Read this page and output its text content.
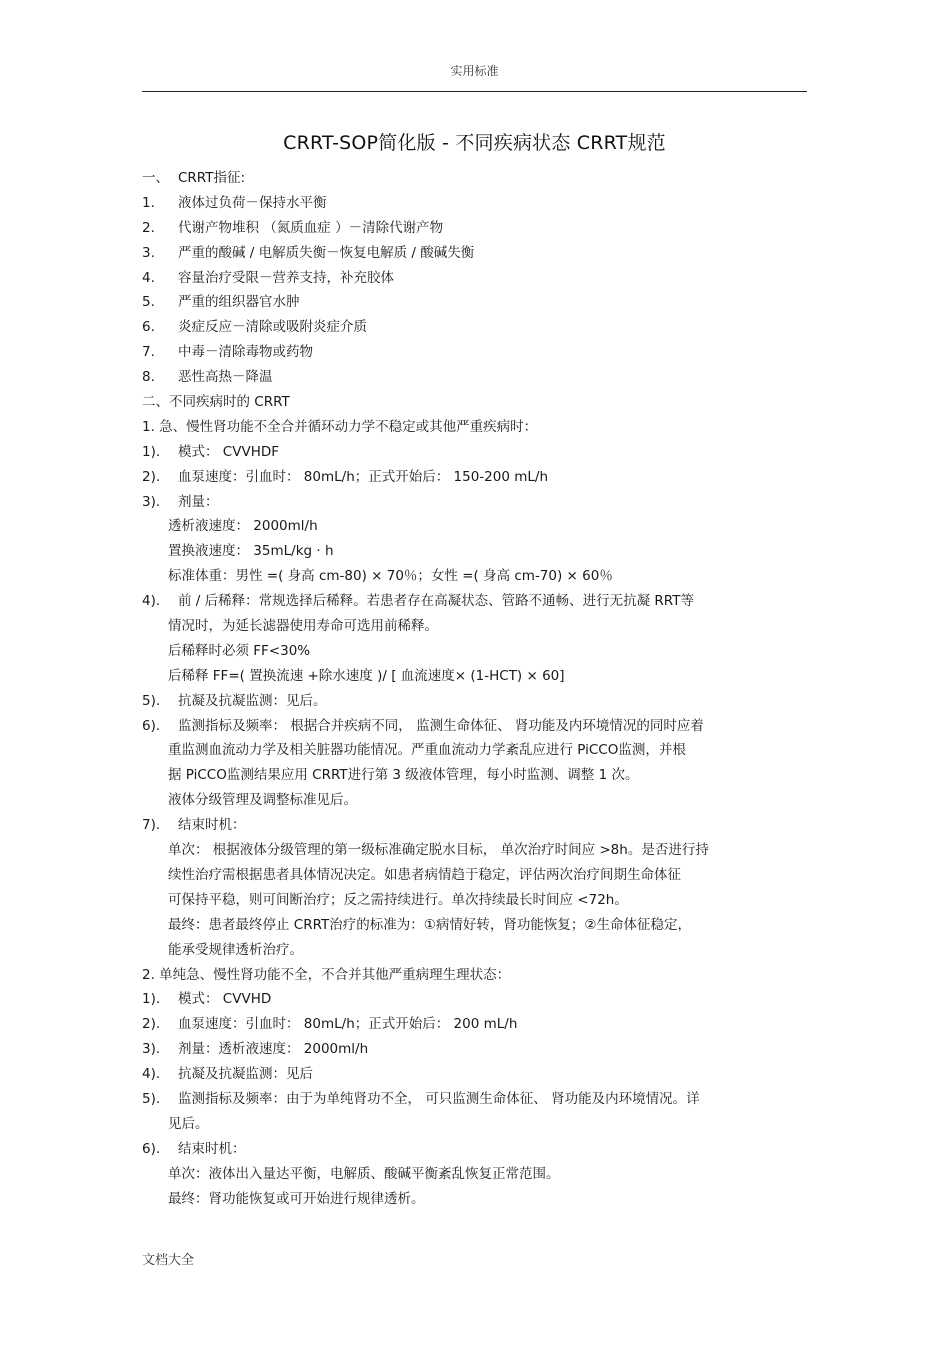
实用标准
CRRT-SOP简化版 - 不同疾病状态 CRRT规范
一、 CRRT指征:
1. 液体过负荷－保持水平衡
2. 代谢产物堆积 （氮质血症 ）－清除代谢产物
3. 严重的酸碱 / 电解质失衡－恢复电解质 / 酸碱失衡
4. 容量治疗受限－营养支持，补充胶体
5. 严重的组织器官水肿
6. 炎症反应－清除或吸附炎症介质
7. 中毒－清除毒物或药物
8. 恶性高热－降温
二、不同疾病时的 CRRT
1. 急、慢性肾功能不全合并循环动力学不稳定或其他严重疾病时：
1). 模式： CVVHDF
2). 血泵速度：引血时： 80mL/h；正式开始后： 150-200 mL/h
3). 剂量：
透析液速度： 2000ml/h
置换液速度： 35mL/kg · h
标准体重：男性 =( 身高 cm-80) × 70％；女性 =( 身高 cm-70) × 60％
4). 前 / 后稀释：常规选择后稀释。若患者存在高凝状态、管路不通畅、进行无抗凝 RRT等
情况时，为延长滤器使用寿命可选用前稀释。
后稀释时必须 FF<30%
后稀释 FF=( 置换流速 +除水速度 )/ [ 血流速度× (1-HCT) × 60]
5). 抗凝及抗凝监测：见后。
6). 监测指标及频率： 根据合并疾病不同， 监测生命体征、 肾功能及内环境情况的同时应着
重监测血流动力学及相关脏器功能情况。严重血流动力学紊乱应进行 PiCCO监测，并根
据 PiCCO监测结果应用 CRRT进行第 3 级液体管理，每小时监测、调整 1 次。
液体分级管理及调整标准见后。
7). 结束时机：
单次： 根据液体分级管理的第一级标准确定脱水目标， 单次治疗时间应 >8h。是否进行持
续性治疗需根据患者具体情况决定。如患者病情趋于稳定，评估两次治疗间期生命体征
可保持平稳，则可间断治疗；反之需持续进行。单次持续最长时间应 <72h。
最终：患者最终停止 CRRT治疗的标准为：①病情好转，肾功能恢复；②生命体征稳定，
能承受规律透析治疗。
2. 单纯急、慢性肾功能不全，不合并其他严重病理生理状态：
1). 模式： CVVHD
2). 血泵速度：引血时： 80mL/h；正式开始后： 200 mL/h
3). 剂量：透析液速度： 2000ml/h
4). 抗凝及抗凝监测：见后
5). 监测指标及频率：由于为单纯肾功不全， 可只监测生命体征、 肾功能及内环境情况。详
见后。
6). 结束时机：
单次：液体出入量达平衡，电解质、酸碱平衡紊乱恢复正常范围。
最终：肾功能恢复或可开始进行规律透析。
文档大全
